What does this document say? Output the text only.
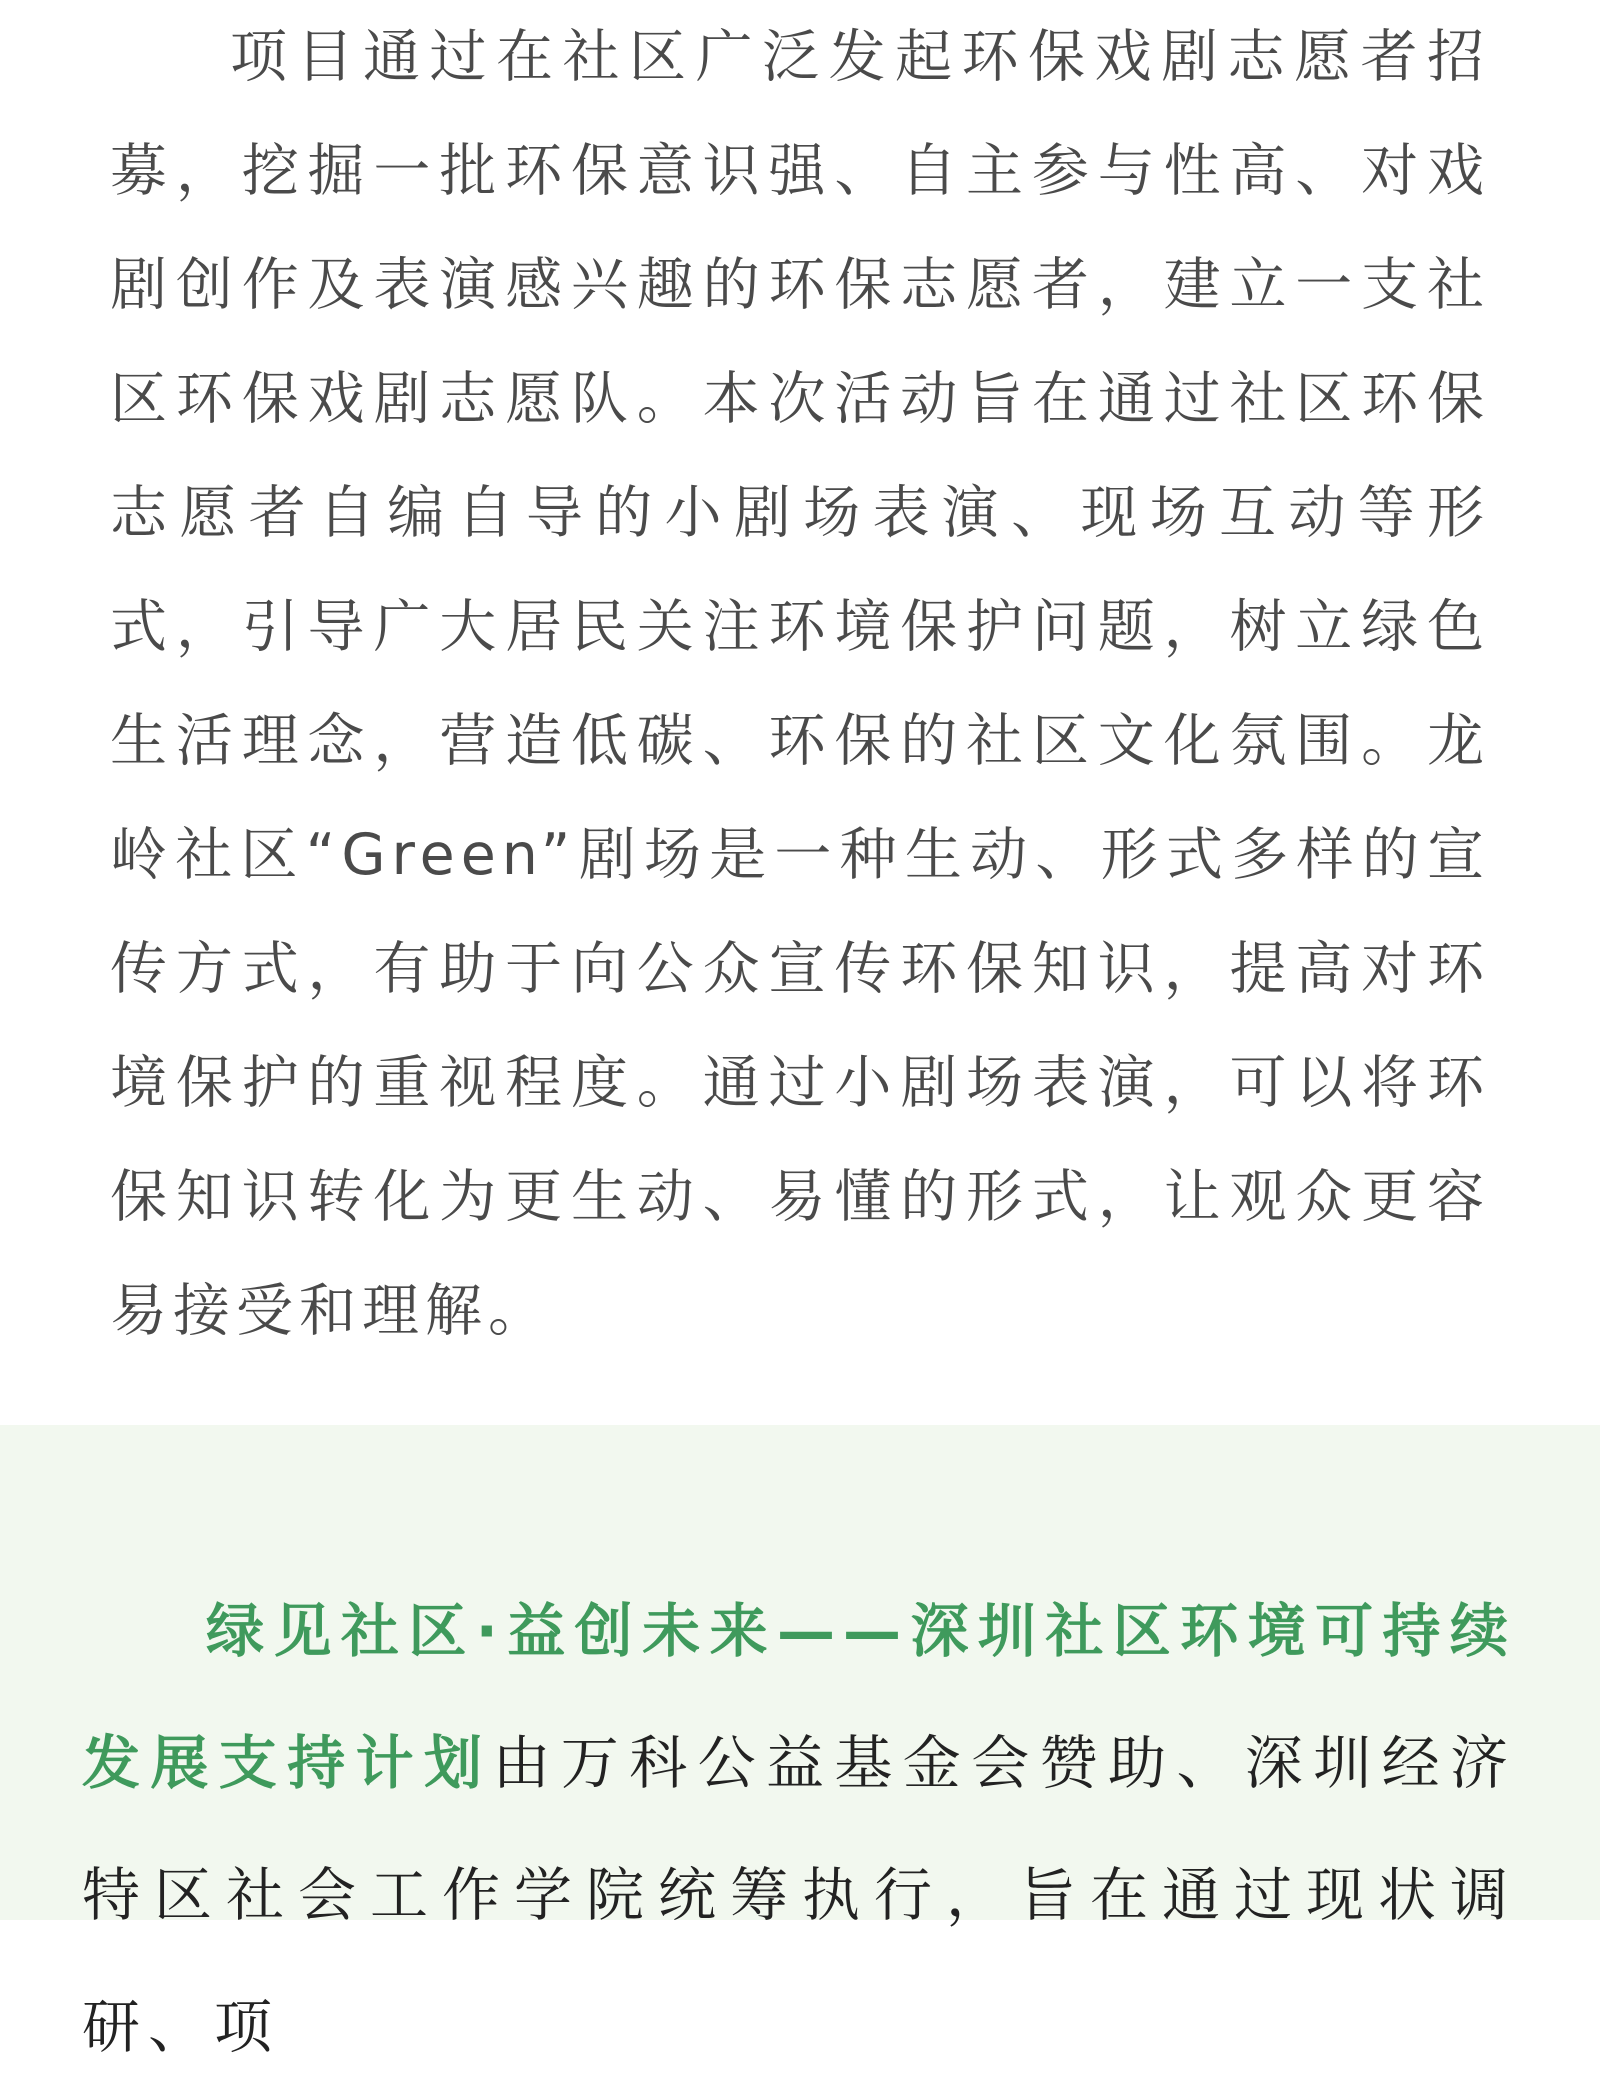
项目通过在社区广泛发起环保戏剧志愿者招募，挖掘一批环保意识强、自主参与性高、对戏剧创作及表演感兴趣的环保志愿者，建立一支社区环保戏剧志愿队。本次活动旨在通过社区环保志愿者自编自导的小剧场表演、现场互动等形式，引导广大居民关注环境保护问题，树立绿色生活理念，营造低碳、环保的社区文化氛围。龙岭社区“Green”剧场是一种生动、形式多样的宣传方式，有助于向公众宣传环保知识，提高对环境保护的重视程度。通过小剧场表演，可以将环保知识转化为更生动、易懂的形式，让观众更容易接受和理解。

绿见社区·益创未来——深圳社区环境可持续发展支持计划由万科公益基金会赞助、深圳经济特区社会工作学院统筹执行，旨在通过现状调研、项
